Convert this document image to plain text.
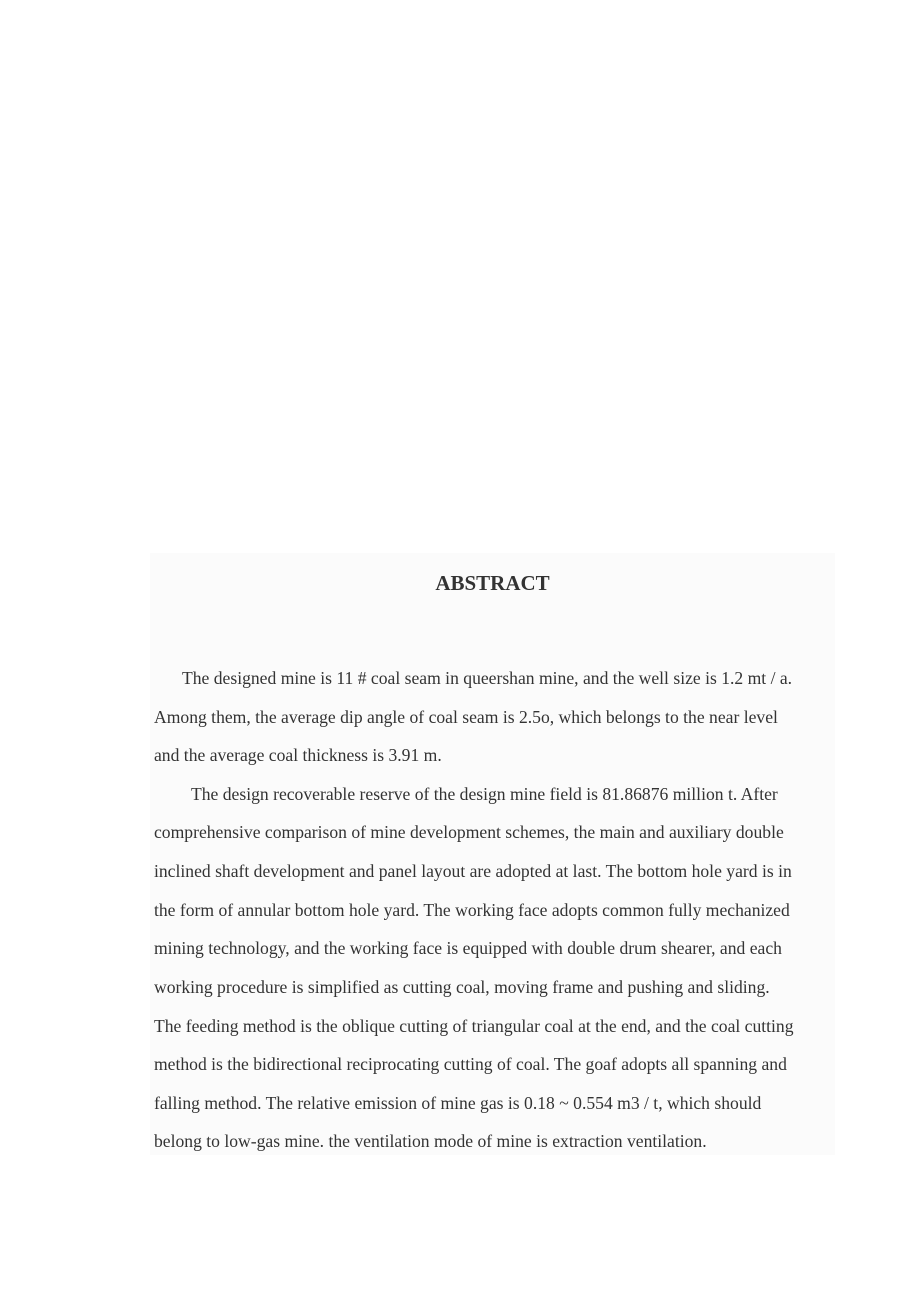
ABSTRACT
The designed mine is 11 # coal seam in queershan mine, and the well size is 1.2 mt / a.
Among them, the average dip angle of coal seam is 2.5o, which belongs to the near level
and the average coal thickness is 3.91 m.
The design recoverable reserve of the design mine field is 81.86876 million t. After
comprehensive comparison of mine development schemes, the main and auxiliary double
inclined shaft development and panel layout are adopted at last. The bottom hole yard is in
the form of annular bottom hole yard. The working face adopts common fully mechanized
mining technology, and the working face is equipped with double drum shearer, and each
working procedure is simplified as cutting coal, moving frame and pushing and sliding.
The feeding method is the oblique cutting of triangular coal at the end, and the coal cutting
method is the bidirectional reciprocating cutting of coal. The goaf adopts all spanning and
falling method. The relative emission of mine gas is 0.18 ~ 0.554 m3 / t, which should
belong to low-gas mine. the ventilation mode of mine is extraction ventilation.
